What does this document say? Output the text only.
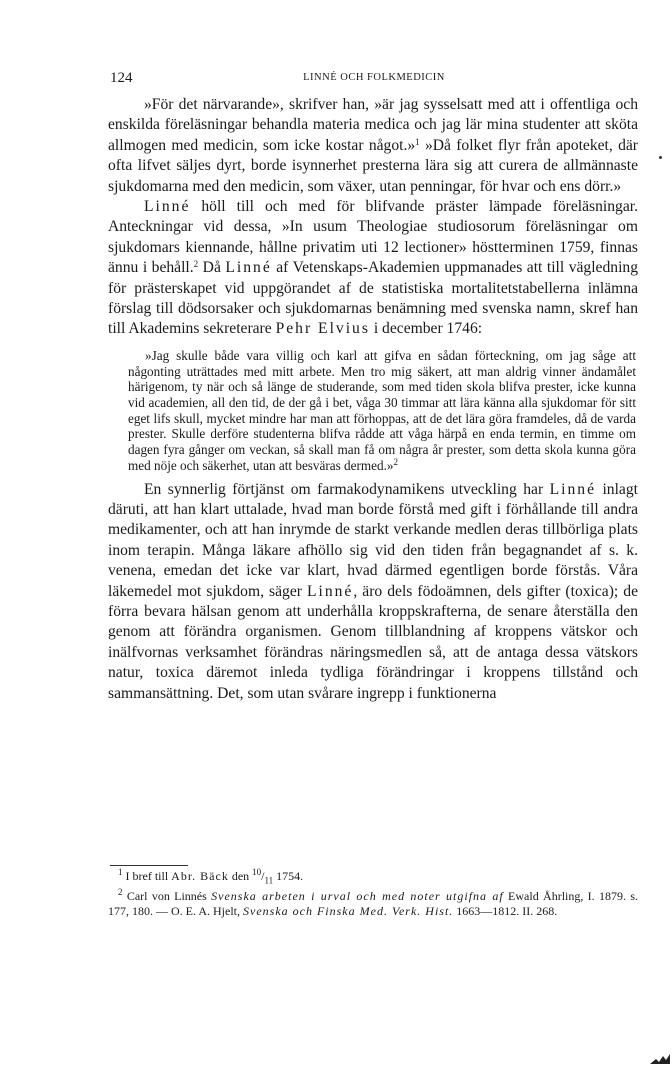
124	LINNÉ OCH FOLKMEDICIN

»För det närvarande», skrifver han, »är jag sysselsatt med att i offentliga och enskilda föreläsningar behandla materia medica och jag lär mina studenter att sköta allmogen med medicin, som icke kostar något.»$^1$ »Då folket flyr från apoteket, där ofta lifvet säljes dyrt, borde isynnerhet presterna lära sig att curera de allmännaste sjukdomarna med den medicin, som växer, utan penningar, för hvar och ens dörr.»

Linné höll till och med för blifvande präster lämpade föreläsningar. Anteckningar vid dessa, »In usum Theologiae studiosorum föreläsningar om sjukdomars kiennande, hållne privatim uti 12 lectioner» höstterminen 1759, finnas ännu i behåll.$^2$ Då Linné af Vetenskaps-Akademien uppmanades att till vägledning för prästerskapet vid uppgörandet af de statistiska mortalitetstabellerna inlämna förslag till dödsorsaker och sjukdomarnas benämning med svenska namn, skref han till Akademins sekreterare Pehr Elvius i december 1746:

»Jag skulle både vara villig och karl att gifva en sådan förteckning, om jag såge att någonting uträttades med mitt arbete. Men tro mig säkert, att man aldrig vinner ändamålet härigenom, ty när och så länge de studerande, som med tiden skola blifva prester, icke kunna vid academien, all den tid, de der gå i bet, våga 30 timmar att lära känna alla sjukdomar för sitt eget lifs skull, mycket mindre har man att förhoppas, att de det lära göra framdeles, då de varda prester. Skulle derföre studenterna blifva rådde att våga härpå en enda termin, en timme om dagen fyra gånger om veckan, så skall man få om några år prester, som detta skola kunna göra med nöje och säkerhet, utan att besväras dermed.»$^2$

En synnerlig förtjänst om farmakodynamikens utveckling har Linné inlagt däruti, att han klart uttalade, hvad man borde förstå med gift i förhållande till andra medikamenter, och att han inrymde de starkt verkande medlen deras tillbörliga plats inom terapin. Många läkare afhöllo sig vid den tiden från begagnandet af s. k. venena, emedan det icke var klart, hvad därmed egentligen borde förstås. Våra läkemedel mot sjukdom, säger Linné, äro dels födoämnen, dels gifter (toxica); de förra bevara hälsan genom att underhålla kroppskrafterna, de senare återställa den genom att förändra organismen. Genom tillblandning af kroppens vätskor och inälfvornas verksamhet förändras näringsmedlen så, att de antaga dessa vätskors natur, toxica däremot inleda tydliga förändringar i kroppens tillstånd och sammansättning. Det, som utan svårare ingrepp i funktionerna

$^1$ I bref till Abr. Bäck den $^{10}/_{11}$ 1754.

$^2$ Carl von Linnés Svenska arbeten i urval och med noter utgifna af Ewald Åhrling, I. 1879. s. 177, 180. — O. E. A. Hjelt, Svenska och Finska Med. Verk. Hist. 1663—1812. II. 268.
